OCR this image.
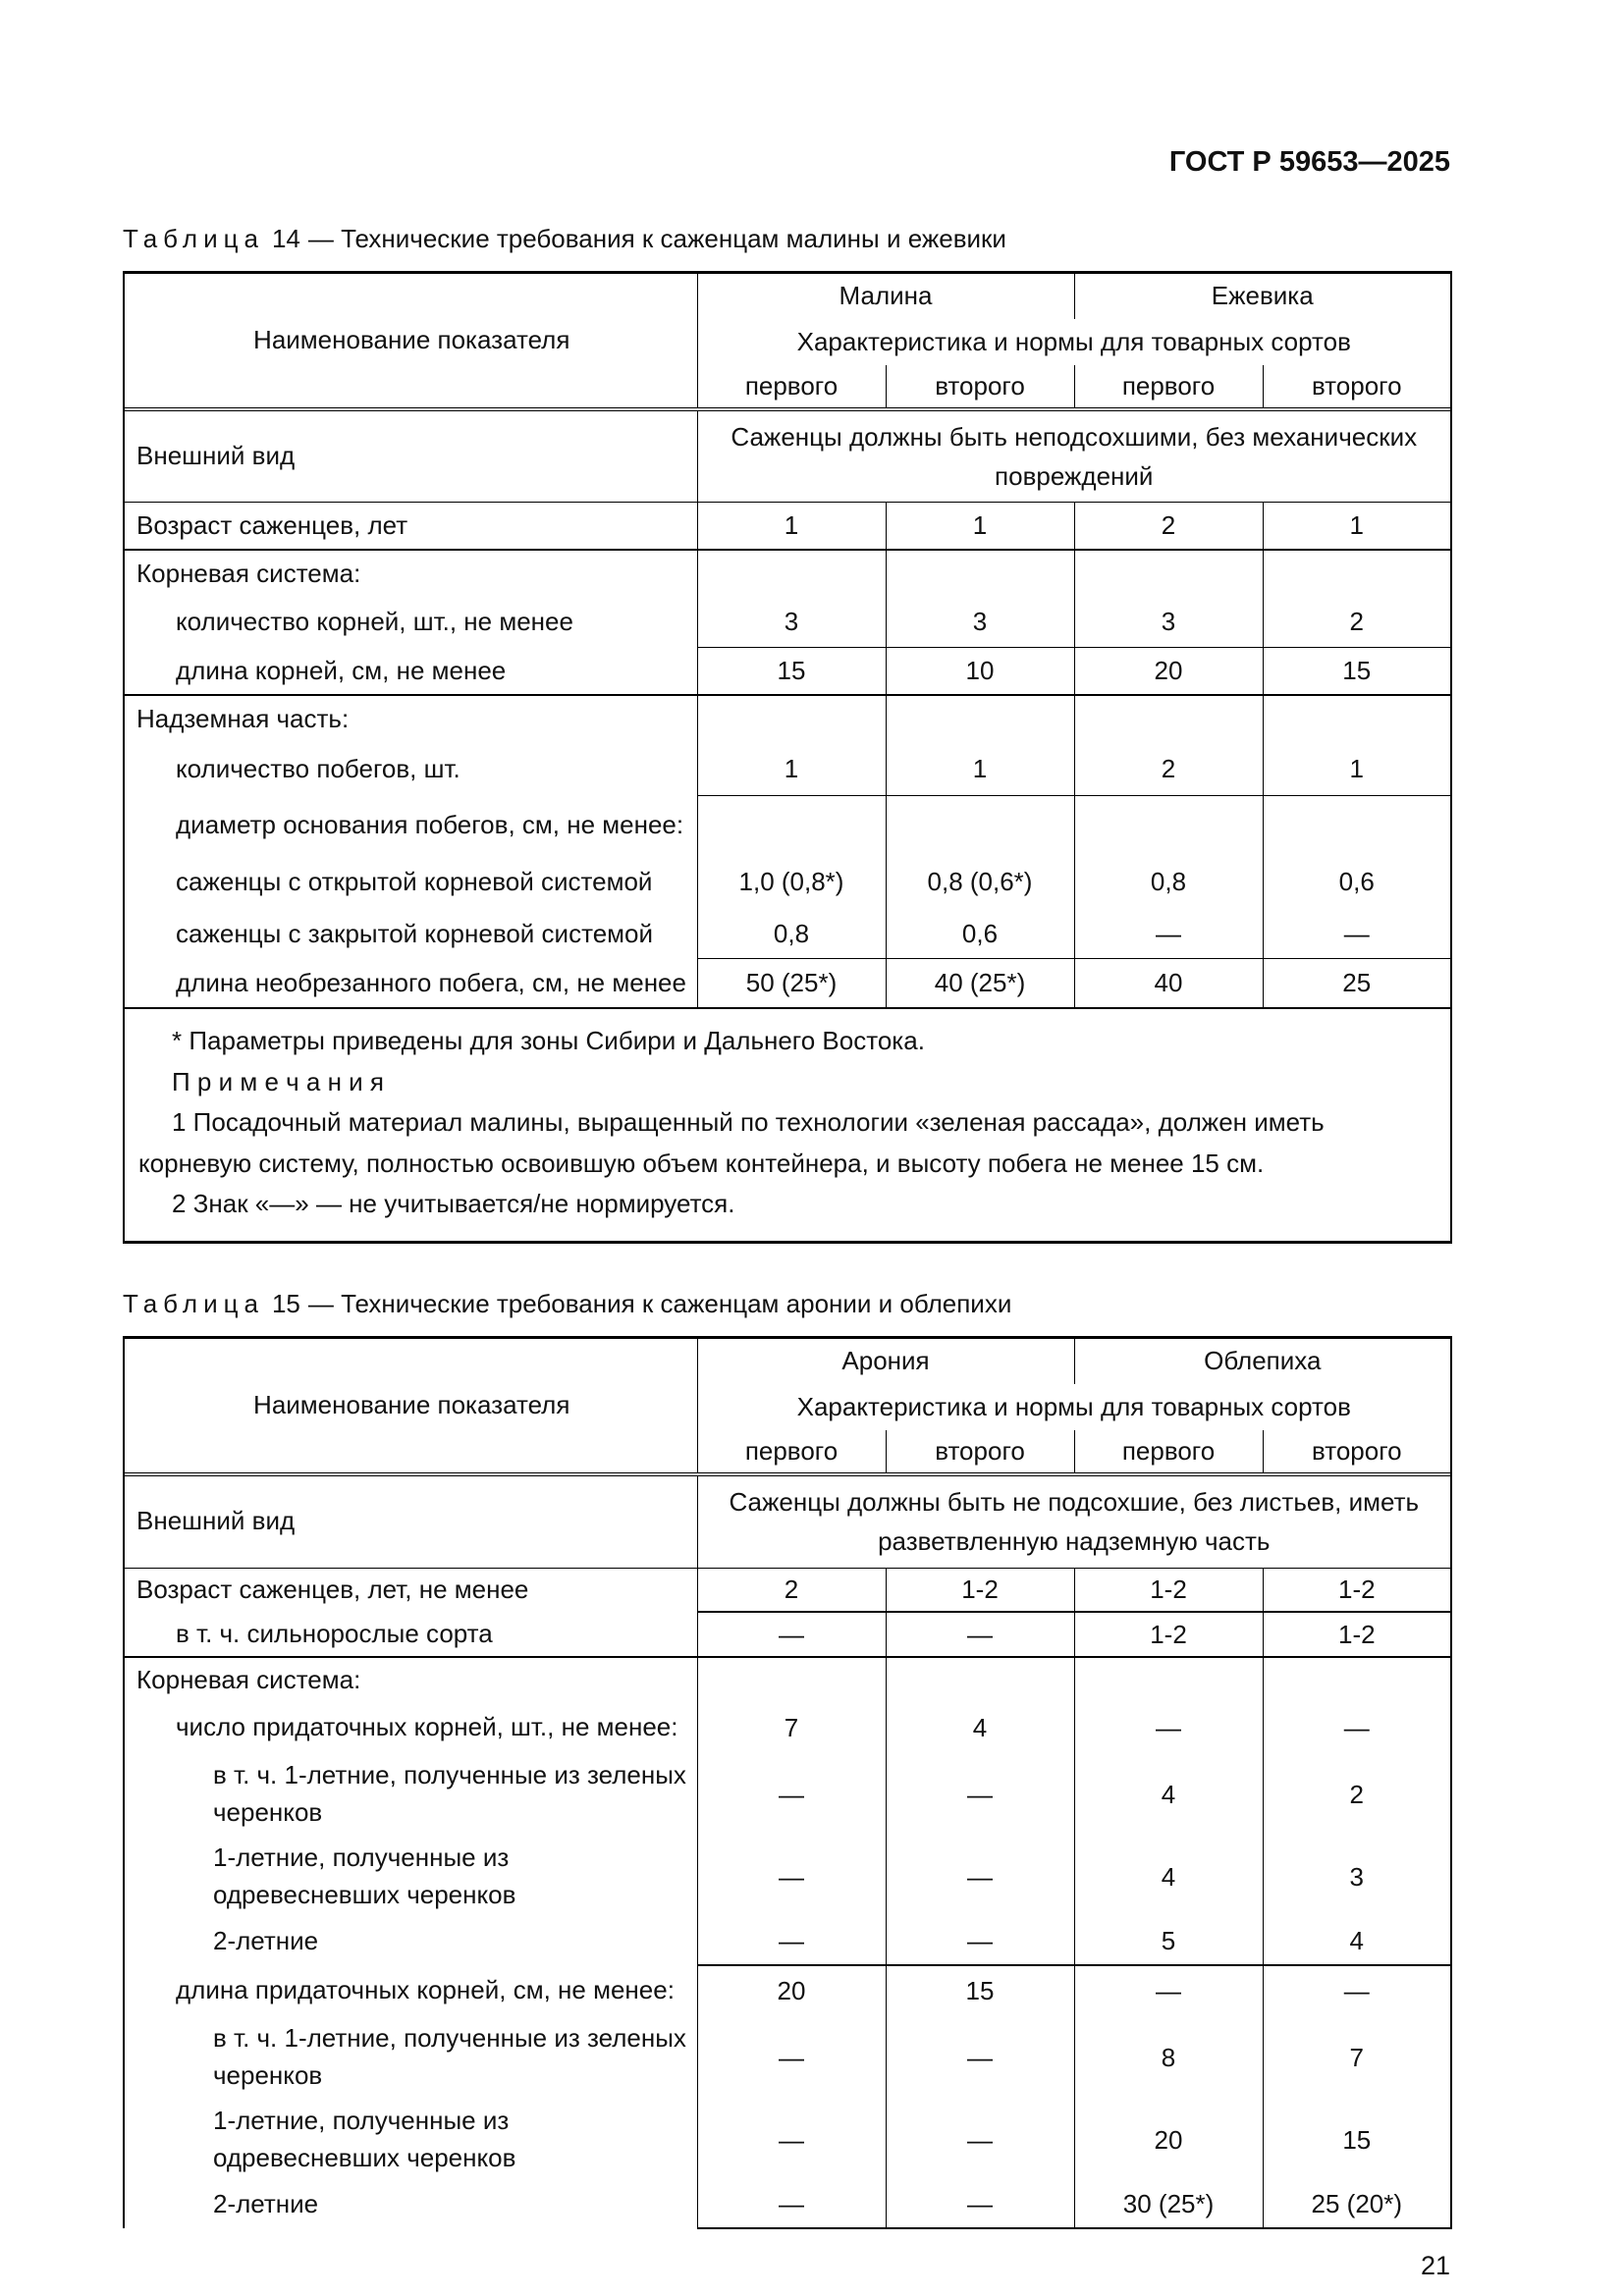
ГОСТ Р 59653—2025

Таблица 14 — Технические требования к саженцам малины и ежевики

Наименование показателя	Малина		Ежевика	
	Характеристика и нормы для товарных сортов			
	первого	второго	первого	второго

Внешний вид	Саженцы должны быть неподсохшими, без механических повреждений			
Возраст саженцев, лет	1	1	2	1
Корневая система:				
количество корней, шт., не менее	3	3	3	2
длина корней, см, не менее	15	10	20	15
Надземная часть:				
количество побегов, шт.	1	1	2	1
диаметр основания побегов, см, не менее:				
саженцы с открытой корневой системой	1,0 (0,8*)	0,8 (0,6*)	0,8	0,6
саженцы с закрытой корневой системой	0,8	0,6	—	—
длина необрезанного побега, см, не менее	50 (25*)	40 (25*)	40	25

* Параметры приведены для зоны Сибири и Дальнего Востока.

П р и м е ч а н и я

1 Посадочный материал малины, выращенный по технологии «зеленая рассада», должен иметь корневую систему, полностью освоившую объем контейнера, и высоту побега не менее 15 см.

2 Знак «—» — не учитывается/не нормируется.				

Таблица 15 — Технические требования к саженцам аронии и облепихи

Наименование показателя	Арония		Облепиха	
	Характеристика и нормы для товарных сортов			
	первого	второго	первого	второго

Внешний вид	Саженцы должны быть не подсохшие, без листьев, иметь разветвленную надземную часть			
Возраст саженцев, лет, не менее	2	1-2	1-2	1-2
в т. ч. сильнорослые сорта	—	—	1-2	1-2
Корневая система:				
число придаточных корней, шт., не менее:	7	4	—	—
в т. ч. 1-летние, полученные из зеленых черенков	—	—	4	2
1-летние, полученные из одревесневших черенков	—	—	4	3
2-летние	—	—	5	4
длина придаточных корней, см, не менее:	20	15	—	—
в т. ч. 1-летние, полученные из зеленых черенков	—	—	8	7
1-летние, полученные из одревесневших черенков	—	—	20	15
2-летние	—	—	30 (25*)	25 (20*)
21
